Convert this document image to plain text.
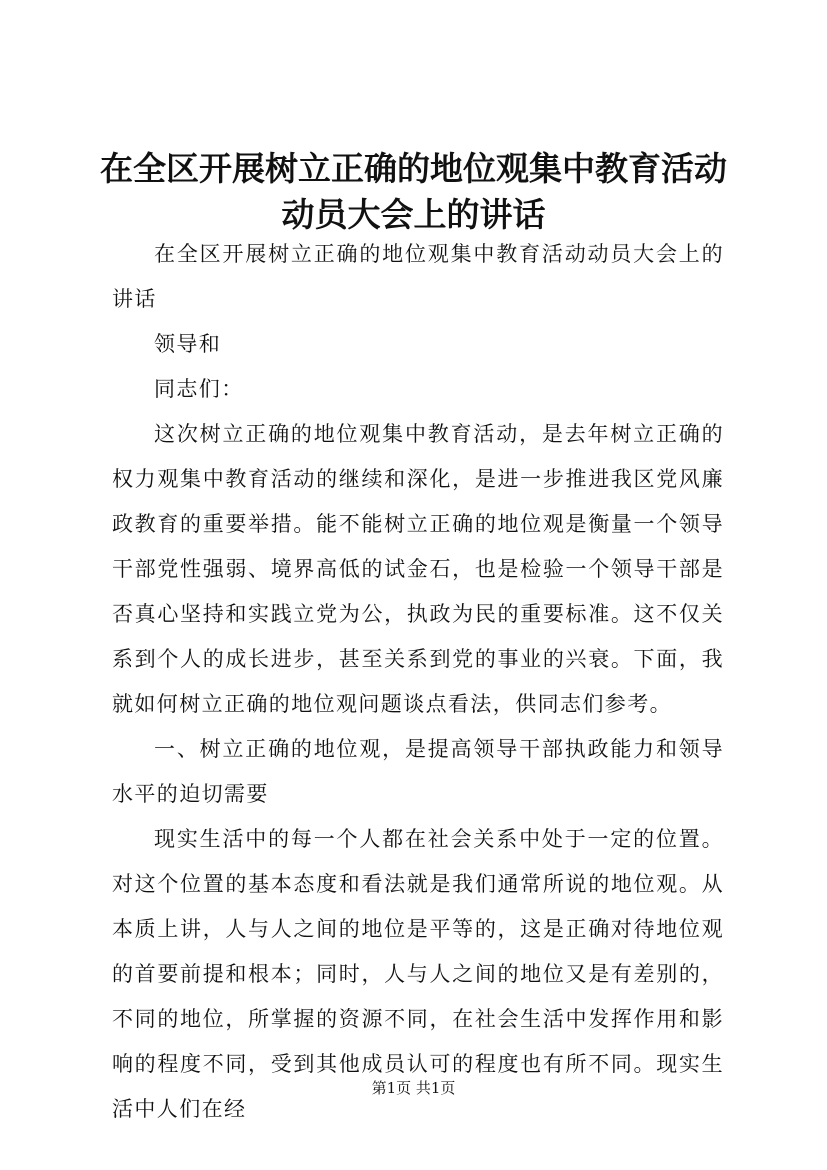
在全区开展树立正确的地位观集中教育活动动员大会上的讲话

在全区开展树立正确的地位观集中教育活动动员大会上的讲话

领导和

同志们：

这次树立正确的地位观集中教育活动，是去年树立正确的权力观集中教育活动的继续和深化，是进一步推进我区党风廉政教育的重要举措。能不能树立正确的地位观是衡量一个领导干部党性强弱、境界高低的试金石，也是检验一个领导干部是否真心坚持和实践立党为公，执政为民的重要标准。这不仅关系到个人的成长进步，甚至关系到党的事业的兴衰。下面，我就如何树立正确的地位观问题谈点看法，供同志们参考。

一、树立正确的地位观，是提高领导干部执政能力和领导水平的迫切需要

现实生活中的每一个人都在社会关系中处于一定的位置。对这个位置的基本态度和看法就是我们通常所说的地位观。从本质上讲，人与人之间的地位是平等的，这是正确对待地位观的首要前提和根本；同时，人与人之间的地位又是有差别的，不同的地位，所掌握的资源不同，在社会生活中发挥作用和影响的程度不同，受到其他成员认可的程度也有所不同。现实生活中人们在经

第1页 共1页
